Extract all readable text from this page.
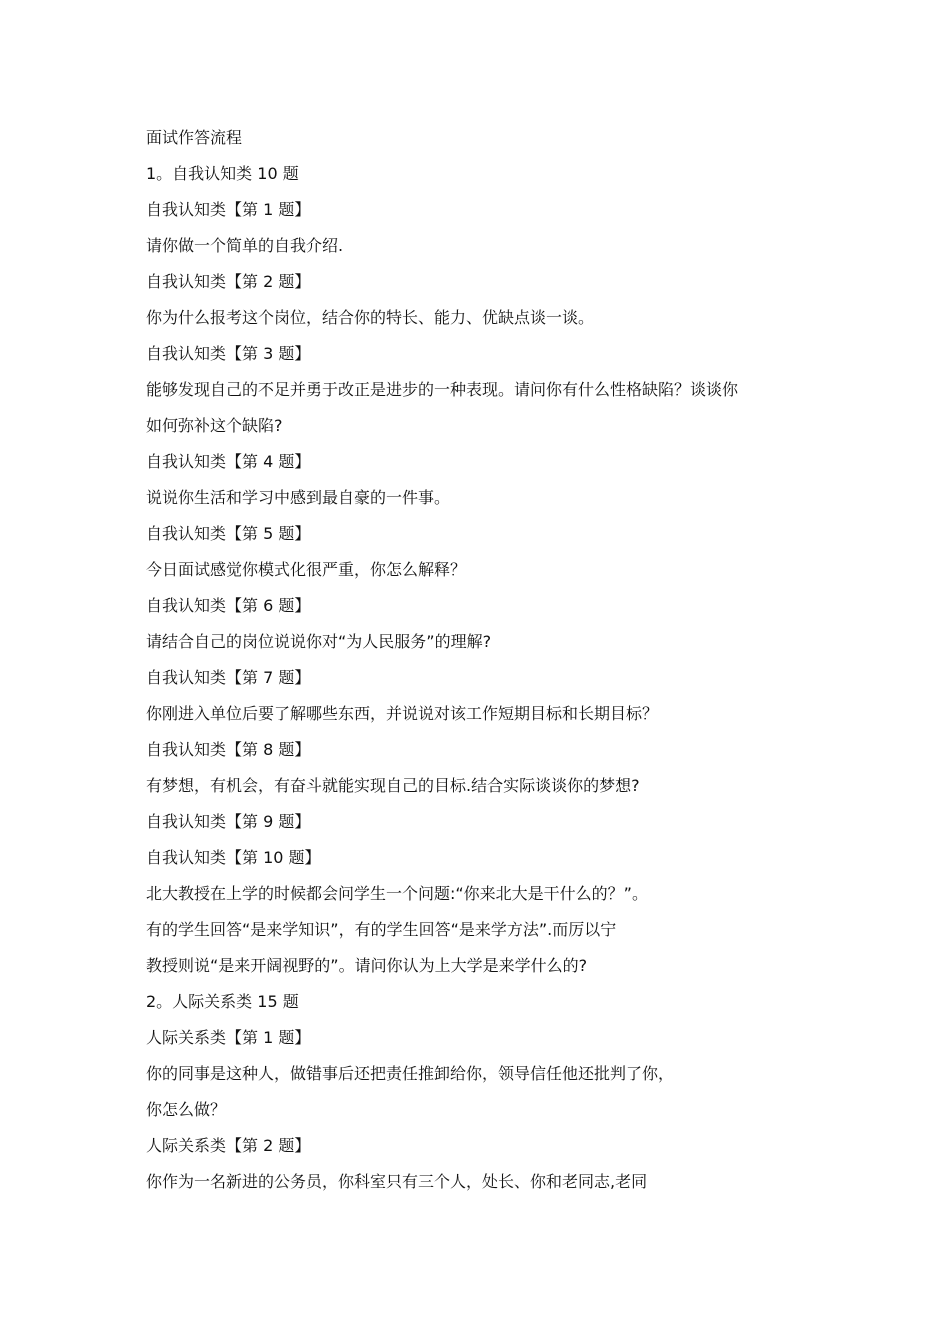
面试作答流程
1。自我认知类 10 题
自我认知类【第 1 题】
请你做一个简单的自我介绍.
自我认知类【第 2 题】
你为什么报考这个岗位，结合你的特长、能力、优缺点谈一谈。
自我认知类【第 3 题】
能够发现自己的不足并勇于改正是进步的一种表现。请问你有什么性格缺陷？谈谈你
如何弥补这个缺陷?
自我认知类【第 4 题】
说说你生活和学习中感到最自豪的一件事。
自我认知类【第 5 题】
今日面试感觉你模式化很严重，你怎么解释？
自我认知类【第 6 题】
请结合自己的岗位说说你对“为人民服务”的理解?
自我认知类【第 7 题】
你刚进入单位后要了解哪些东西，并说说对该工作短期目标和长期目标？
自我认知类【第 8 题】
有梦想，有机会，有奋斗就能实现自己的目标.结合实际谈谈你的梦想?
自我认知类【第 9 题】
自我认知类【第 10 题】
北大教授在上学的时候都会问学生一个问题:“你来北大是干什么的？”。
有的学生回答“是来学知识”，有的学生回答“是来学方法”.而厉以宁
教授则说“是来开阔视野的”。请问你认为上大学是来学什么的?
2。人际关系类 15 题
人际关系类【第 1 题】
你的同事是这种人，做错事后还把责任推卸给你，领导信任他还批判了你，
你怎么做？
人际关系类【第 2 题】
你作为一名新进的公务员，你科室只有三个人，处长、你和老同志,老同
